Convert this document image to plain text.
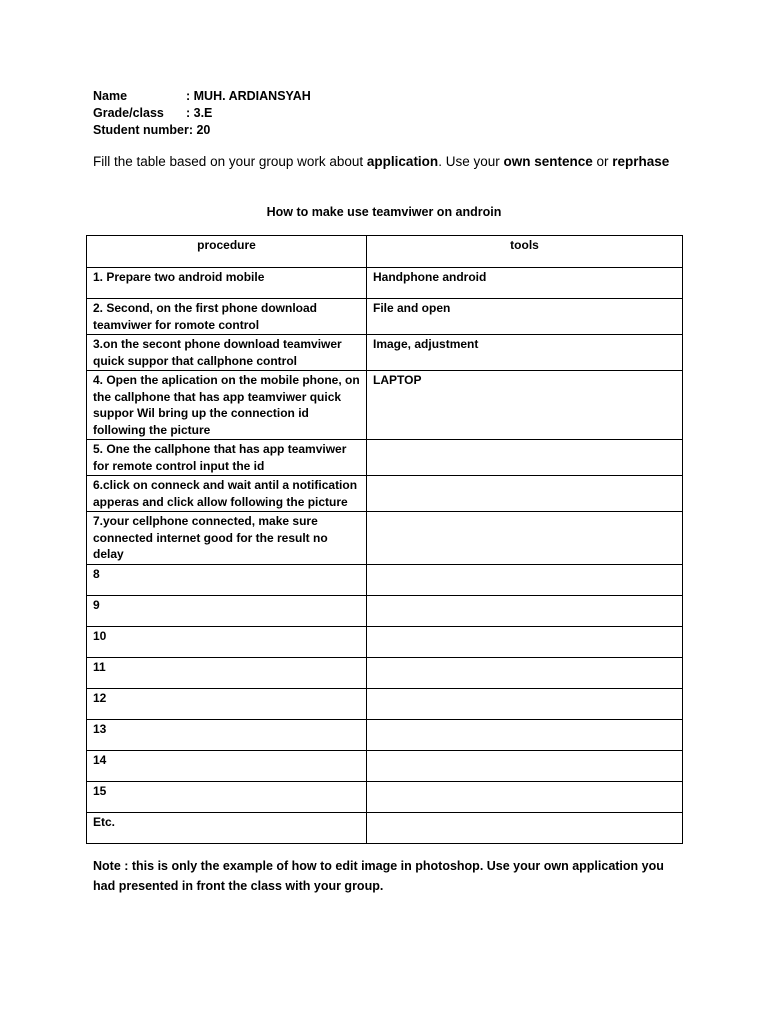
Name	: MUH. ARDIANSYAH
Grade/class	: 3.E
Student number:
20
Fill the table based on your group work about application. Use your own sentence or reprhase
How to make use teamviwer on androin
procedure	tools
1. Prepare two android mobile	Handphone android
2. Second, on the first phone download teamviwer for romote control	File and open
3.on the secont phone download teamviwer quick suppor that callphone control	Image, adjustment
4. Open the aplication on the mobile phone, on the callphone that has app teamviwer quick suppor Wil bring up the connection id following the picture	LAPTOP
5. One the callphone that has app teamviwer for remote control input the id	
6.click on conneck and wait antil a notification apperas and click allow following the picture	
7.your cellphone connected, make sure connected internet good for the result no delay	
8	
9	
10	
11	
12	
13	
14	
15	
Etc.	
Note : this is only the example of how to edit image in photoshop. Use your own application you had presented in front the class with your group.
